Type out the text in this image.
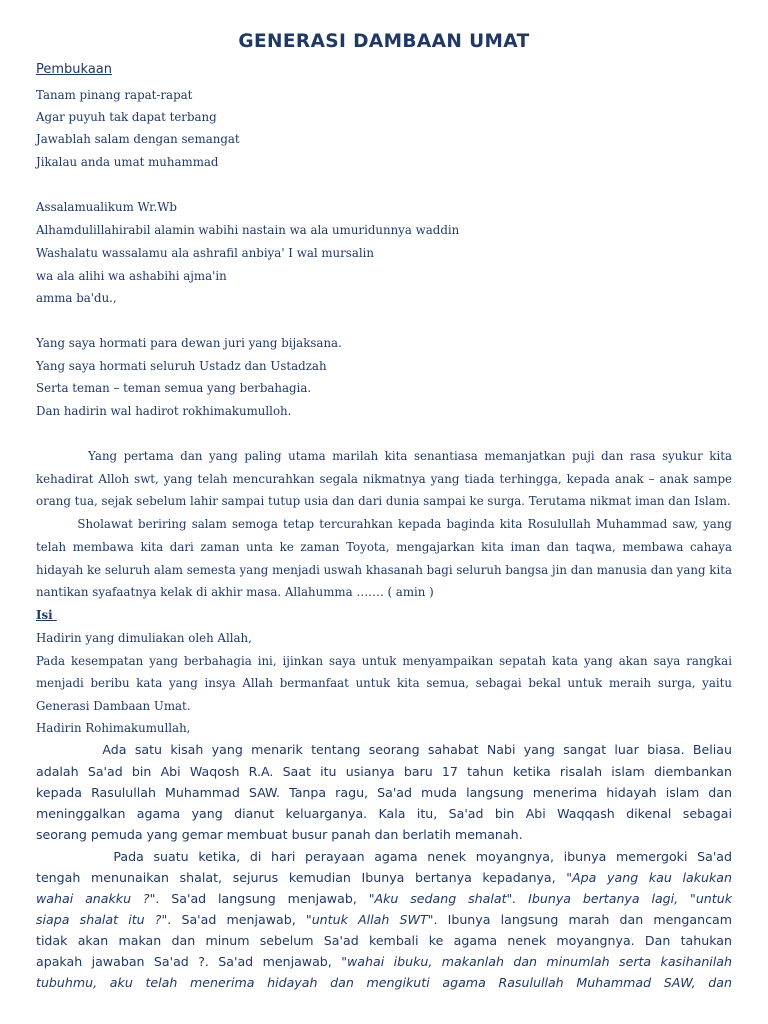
GENERASI DAMBAAN UMAT
Pembukaan
Tanam pinang rapat-rapat
Agar puyuh tak dapat terbang
Jawablah salam dengan semangat
Jikalau anda umat muhammad
Assalamualikum Wr.Wb
Alhamdulillahirabil alamin wabihi nastain wa ala umuridunnya waddin
Washalatu wassalamu ala ashrafil anbiya' I wal mursalin
wa ala alihi wa ashabihi ajma'in
amma ba'du.,
Yang saya hormati para dewan juri yang bijaksana.
Yang saya hormati seluruh Ustadz dan Ustadzah
Serta teman – teman semua yang berbahagia.
Dan hadirin wal hadirot rokhimakumulloh.
Yang pertama dan yang paling utama marilah kita senantiasa memanjatkan puji dan rasa syukur kita
kehadirat Alloh swt, yang telah mencurahkan segala nikmatnya yang tiada terhingga, kepada anak – anak sampe
orang tua, sejak sebelum lahir sampai tutup usia dan dari dunia sampai ke surga. Terutama nikmat iman dan Islam.
Sholawat beriring salam semoga tetap tercurahkan kepada baginda kita Rosulullah Muhammad saw, yang
telah membawa kita dari zaman unta ke zaman Toyota, mengajarkan kita iman dan taqwa, membawa cahaya
hidayah ke seluruh alam semesta yang menjadi uswah khasanah bagi seluruh bangsa jin dan manusia dan yang kita
nantikan syafaatnya kelak di akhir masa. Allahumma ……. ( amin )
Isi
Hadirin yang dimuliakan oleh Allah,
Pada kesempatan yang berbahagia ini, ijinkan saya untuk menyampaikan sepatah kata yang akan saya rangkai
menjadi beribu kata yang insya Allah bermanfaat untuk kita semua, sebagai bekal untuk meraih surga, yaitu
Generasi Dambaan Umat.
Hadirin Rohimakumullah,
Ada satu kisah yang menarik tentang seorang sahabat Nabi yang sangat luar biasa. Beliau
adalah Sa'ad bin Abi Waqosh R.A. Saat itu usianya baru 17 tahun ketika risalah islam diembankan
kepada Rasulullah Muhammad SAW. Tanpa ragu, Sa'ad muda langsung menerima hidayah islam dan
meninggalkan agama yang dianut keluarganya. Kala itu, Sa'ad bin Abi Waqqash dikenal sebagai
seorang pemuda yang gemar membuat busur panah dan berlatih memanah.
Pada suatu ketika, di hari perayaan agama nenek moyangnya, ibunya memergoki Sa'ad
tengah menunaikan shalat, sejurus kemudian Ibunya bertanya kepadanya, "Apa yang kau lakukan
wahai anakku ?". Sa'ad langsung menjawab, "Aku sedang shalat". Ibunya bertanya lagi, "untuk
siapa shalat itu ?". Sa'ad menjawab, "untuk Allah SWT". Ibunya langsung marah dan mengancam
tidak akan makan dan minum sebelum Sa'ad kembali ke agama nenek moyangnya. Dan tahukan
apakah jawaban Sa'ad ?. Sa'ad menjawab, "wahai ibuku, makanlah dan minumlah serta kasihanilah
tubuhmu, aku telah menerima hidayah dan mengikuti agama Rasulullah Muhammad SAW, dan
